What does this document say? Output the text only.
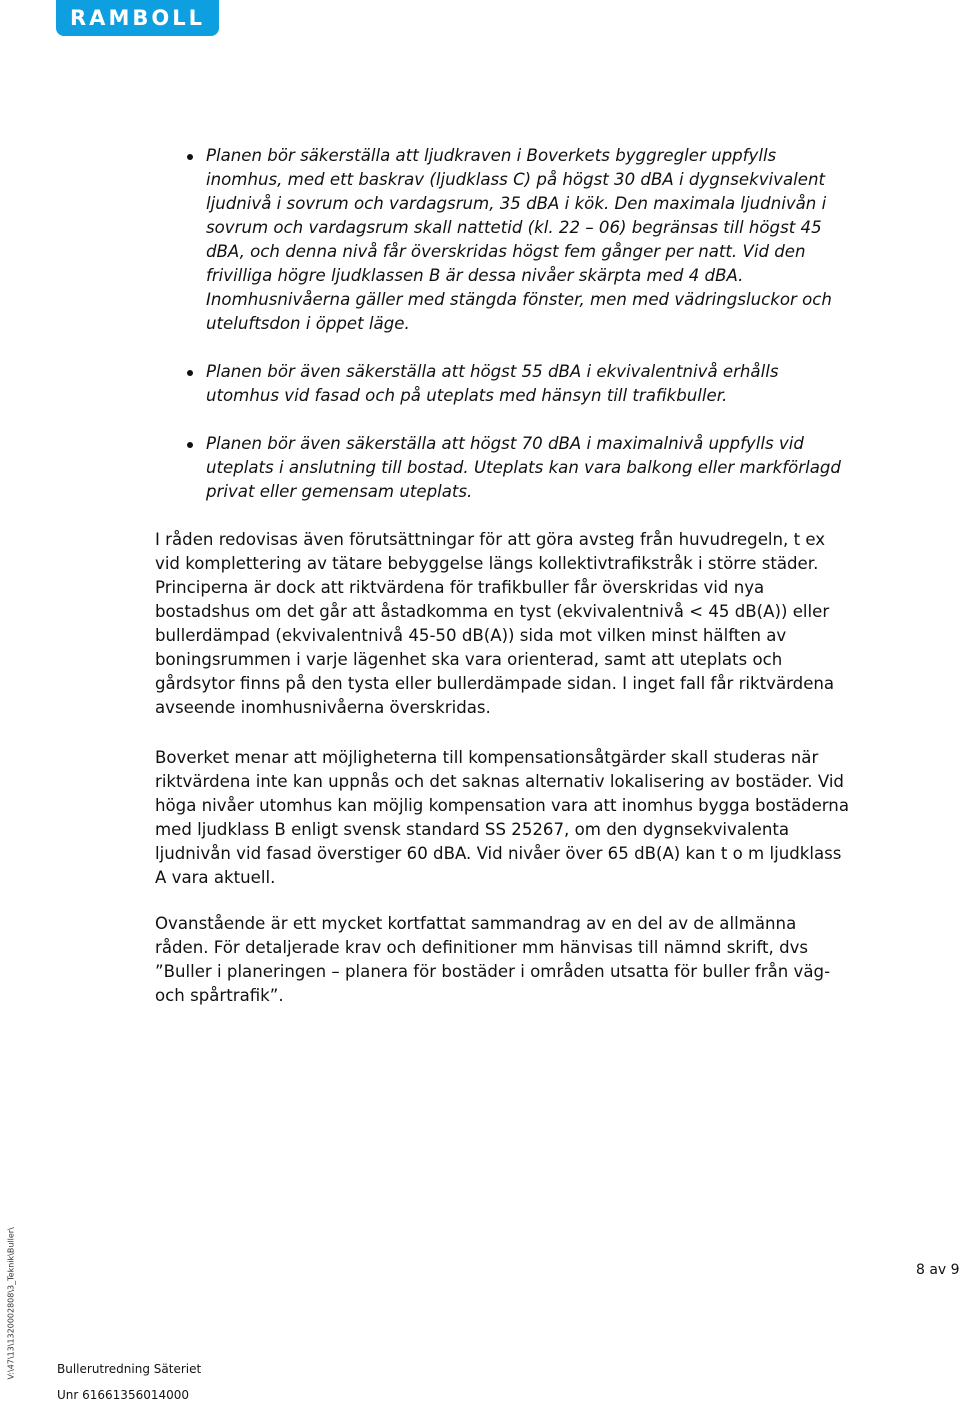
RAMBOLL
Planen bör säkerställa att ljudkraven i Boverkets byggregler uppfylls inomhus, med ett baskrav (ljudklass C) på högst 30 dBA i dygnsekvivalent ljudnivå i sovrum och vardagsrum, 35 dBA i kök. Den maximala ljudnivån i sovrum och vardagsrum skall nattetid (kl. 22 – 06) begränsas till högst 45 dBA, och denna nivå får överskridas högst fem gånger per natt. Vid den frivilliga högre ljudklassen B är dessa nivåer skärpta med 4 dBA. Inomhusnivåerna gäller med stängda fönster, men med vädringsluckor och uteluftsdon i öppet läge.
Planen bör även säkerställa att högst 55 dBA i ekvivalentnivå erhålls utomhus vid fasad och på uteplats med hänsyn till trafikbuller.
Planen bör även säkerställa att högst 70 dBA i maximalnivå uppfylls vid uteplats i anslutning till bostad. Uteplats kan vara balkong eller markförlagd privat eller gemensam uteplats.

I råden redovisas även förutsättningar för att göra avsteg från huvudregeln, t ex vid komplettering av tätare bebyggelse längs kollektivtrafikstråk i större städer. Principerna är dock att riktvärdena för trafikbuller får överskridas vid nya bostadshus om det går att åstadkomma en tyst (ekvivalentnivå < 45 dB(A)) eller bullerdämpad (ekvivalentnivå 45-50 dB(A)) sida mot vilken minst hälften av boningsrummen i varje lägenhet ska vara orienterad, samt att uteplats och gårdsytor finns på den tysta eller bullerdämpade sidan. I inget fall får riktvärdena avseende inomhusnivåerna överskridas.

Boverket menar att möjligheterna till kompensationsåtgärder skall studeras när riktvärdena inte kan uppnås och det saknas alternativ lokalisering av bostäder. Vid höga nivåer utomhus kan möjlig kompensation vara att inomhus bygga bostäderna med ljudklass B enligt svensk standard SS 25267, om den dygnsekvivalenta ljudnivån vid fasad överstiger 60 dBA. Vid nivåer över 65 dB(A) kan t o m ljudklass A vara aktuell.

Ovanstående är ett mycket kortfattat sammandrag av en del av de allmänna råden. För detaljerade krav och definitioner mm hänvisas till nämnd skrift, dvs ”Buller i planeringen – planera för bostäder i områden utsatta för buller från väg- och spårtrafik”.

V:\47\13\1320002808\3_Teknik\Buller\	8 av 9
Bullerutredning Säteriet
Unr 61661356014000
